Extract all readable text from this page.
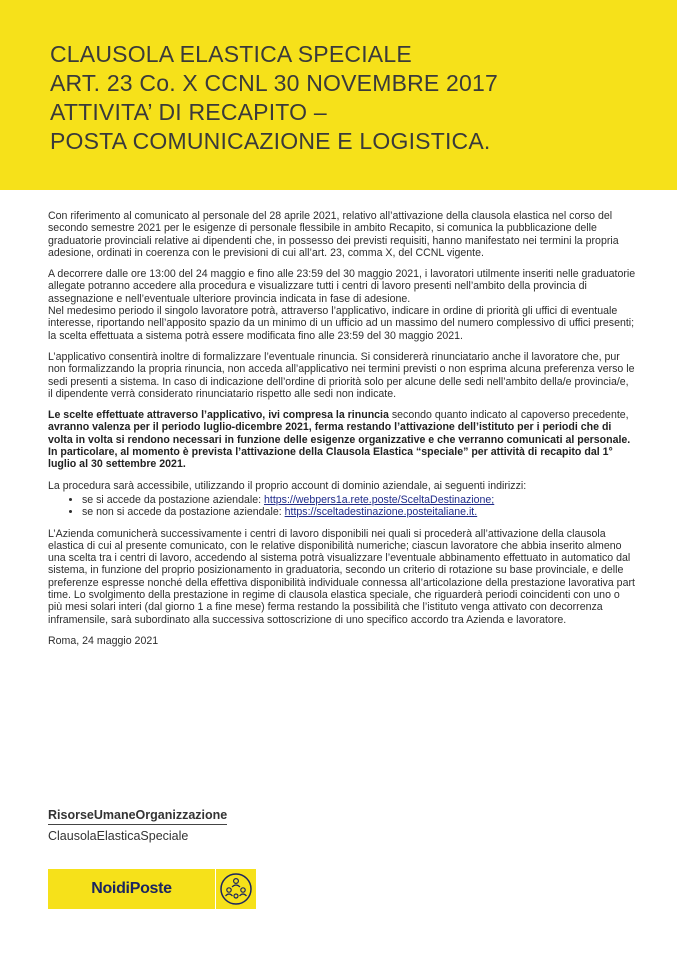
CLAUSOLA ELASTICA SPECIALE
ART. 23 Co. X CCNL 30 NOVEMBRE 2017
ATTIVITA’ DI RECAPITO –
POSTA COMUNICAZIONE E LOGISTICA.

Con riferimento al comunicato al personale del 28 aprile 2021, relativo all’attivazione della clausola elastica nel corso del secondo semestre 2021 per le esigenze di personale flessibile in ambito Recapito, si comunica la pubblicazione delle graduatorie provinciali relative ai dipendenti che, in possesso dei previsti requisiti, hanno manifestato nei termini la propria adesione, ordinati in coerenza con le previsioni di cui all’art. 23, comma X, del CCNL vigente.

A decorrere dalle ore 13:00 del 24 maggio e fino alle 23:59 del 30 maggio 2021, i lavoratori utilmente inseriti nelle graduatorie allegate potranno accedere alla procedura e visualizzare tutti i centri di lavoro presenti nell’ambito della provincia di assegnazione e nell’eventuale ulteriore provincia indicata in fase di adesione.
Nel medesimo periodo il singolo lavoratore potrà, attraverso l’applicativo, indicare in ordine di priorità gli uffici di eventuale interesse, riportando nell’apposito spazio da un minimo di un ufficio ad un massimo del numero complessivo di uffici presenti; la scelta effettuata a sistema potrà essere modificata fino alle 23:59 del 30 maggio 2021.

L’applicativo consentirà inoltre di formalizzare l’eventuale rinuncia. Si considererà rinunciatario anche il lavoratore che, pur non formalizzando la propria rinuncia, non acceda all’applicativo nei termini previsti o non esprima alcuna preferenza verso le sedi presenti a sistema. In caso di indicazione dell’ordine di priorità solo per alcune delle sedi nell’ambito della/e provincia/e, il dipendente verrà considerato rinunciatario rispetto alle sedi non indicate.

Le scelte effettuate attraverso l’applicativo, ivi compresa la rinuncia secondo quanto indicato al capoverso precedente, avranno valenza per il periodo luglio-dicembre 2021, ferma restando l’attivazione dell’istituto per i periodi che di volta in volta si rendono necessari in funzione delle esigenze organizzative e che verranno comunicati al personale.
In particolare, al momento è prevista l’attivazione della Clausola Elastica “speciale” per attività di recapito dal 1° luglio al 30 settembre 2021.

La procedura sarà accessibile, utilizzando il proprio account di dominio aziendale, ai seguenti indirizzi:

• se si accede da postazione aziendale: https://webpers1a.rete.poste/SceltaDestinazione;
• se non si accede da postazione aziendale: https://sceltadestinazione.posteitaliane.it.

L’Azienda comunicherà successivamente i centri di lavoro disponibili nei quali si procederà all’attivazione della clausola elastica di cui al presente comunicato, con le relative disponibilità numeriche; ciascun lavoratore che abbia inserito almeno una scelta tra i centri di lavoro, accedendo al sistema potrà visualizzare l’eventuale abbinamento effettuato in automatico dal sistema, in funzione del proprio posizionamento in graduatoria, secondo un criterio di rotazione su base provinciale, e delle preferenze espresse nonché della effettiva disponibilità individuale connessa all’articolazione della prestazione lavorativa part time. Lo svolgimento della prestazione in regime di clausola elastica speciale, che riguarderà periodi coincidenti con uno o più mesi solari interi (dal giorno 1 a fine mese) ferma restando la possibilità che l’istituto venga attivato con decorrenza inframensile, sarà subordinato alla successiva sottoscrizione di uno specifico accordo tra Azienda e lavoratore.

Roma, 24 maggio 2021

RisorseUmaneOrganizzazione
ClausolaElasticaSpeciale
NoidiPoste
